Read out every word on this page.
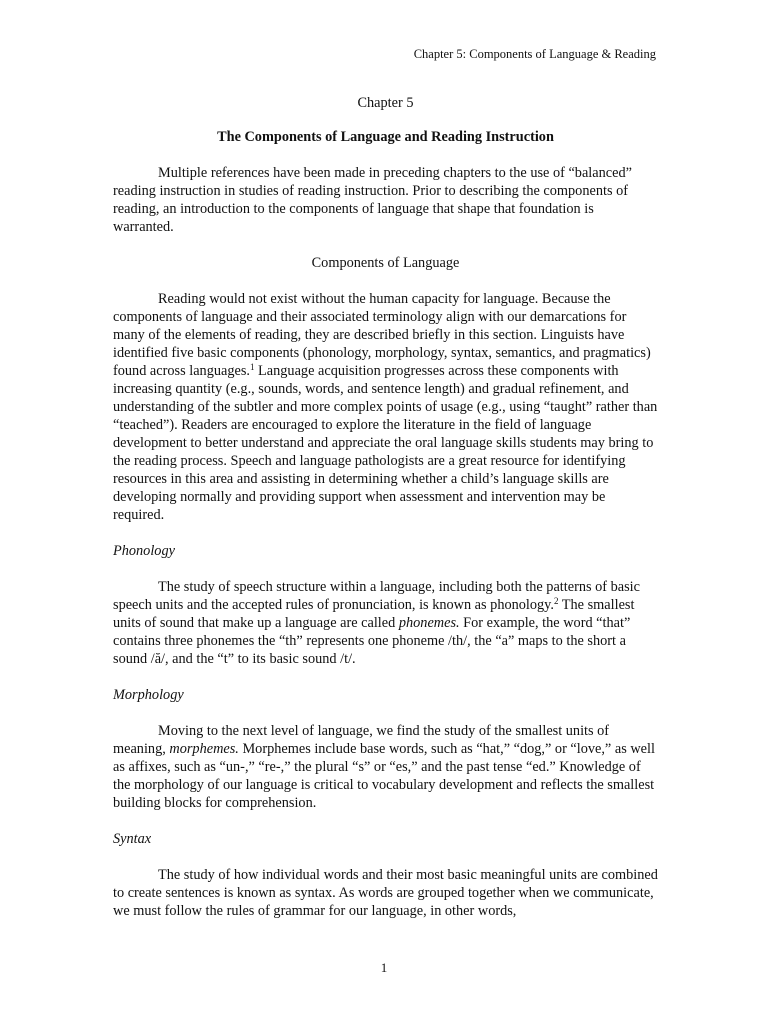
Chapter 5: Components of Language & Reading
Chapter 5
The Components of Language and Reading Instruction

Multiple references have been made in preceding chapters to the use of “balanced” reading instruction in studies of reading instruction. Prior to describing the components of reading, an introduction to the components of language that shape that foundation is warranted.

Components of Language

Reading would not exist without the human capacity for language. Because the components of language and their associated terminology align with our demarcations for many of the elements of reading, they are described briefly in this section. Linguists have identified five basic components (phonology, morphology, syntax, semantics, and pragmatics) found across languages.$^1$ Language acquisition progresses across these components with increasing quantity (e.g., sounds, words, and sentence length) and gradual refinement, and understanding of the subtler and more complex points of usage (e.g., using “taught” rather than “teached”). Readers are encouraged to explore the literature in the field of language development to better understand and appreciate the oral language skills students may bring to the reading process. Speech and language pathologists are a great resource for identifying resources in this area and assisting in determining whether a child’s language skills are developing normally and providing support when assessment and intervention may be required.

Phonology

The study of speech structure within a language, including both the patterns of basic speech units and the accepted rules of pronunciation, is known as phonology.$^2$ The smallest units of sound that make up a language are called phonemes. For example, the word “that” contains three phonemes the “th” represents one phoneme /th/, the “a” maps to the short a sound /ă/, and the “t” to its basic sound /t/.

Morphology

Moving to the next level of language, we find the study of the smallest units of meaning, morphemes. Morphemes include base words, such as “hat,” “dog,” or “love,” as well as affixes, such as “un-,” “re-,” the plural “s” or “es,” and the past tense “ed.” Knowledge of the morphology of our language is critical to vocabulary development and reflects the smallest building blocks for comprehension.

Syntax

The study of how individual words and their most basic meaningful units are combined to create sentences is known as syntax. As words are grouped together when we communicate, we must follow the rules of grammar for our language, in other words,

1
